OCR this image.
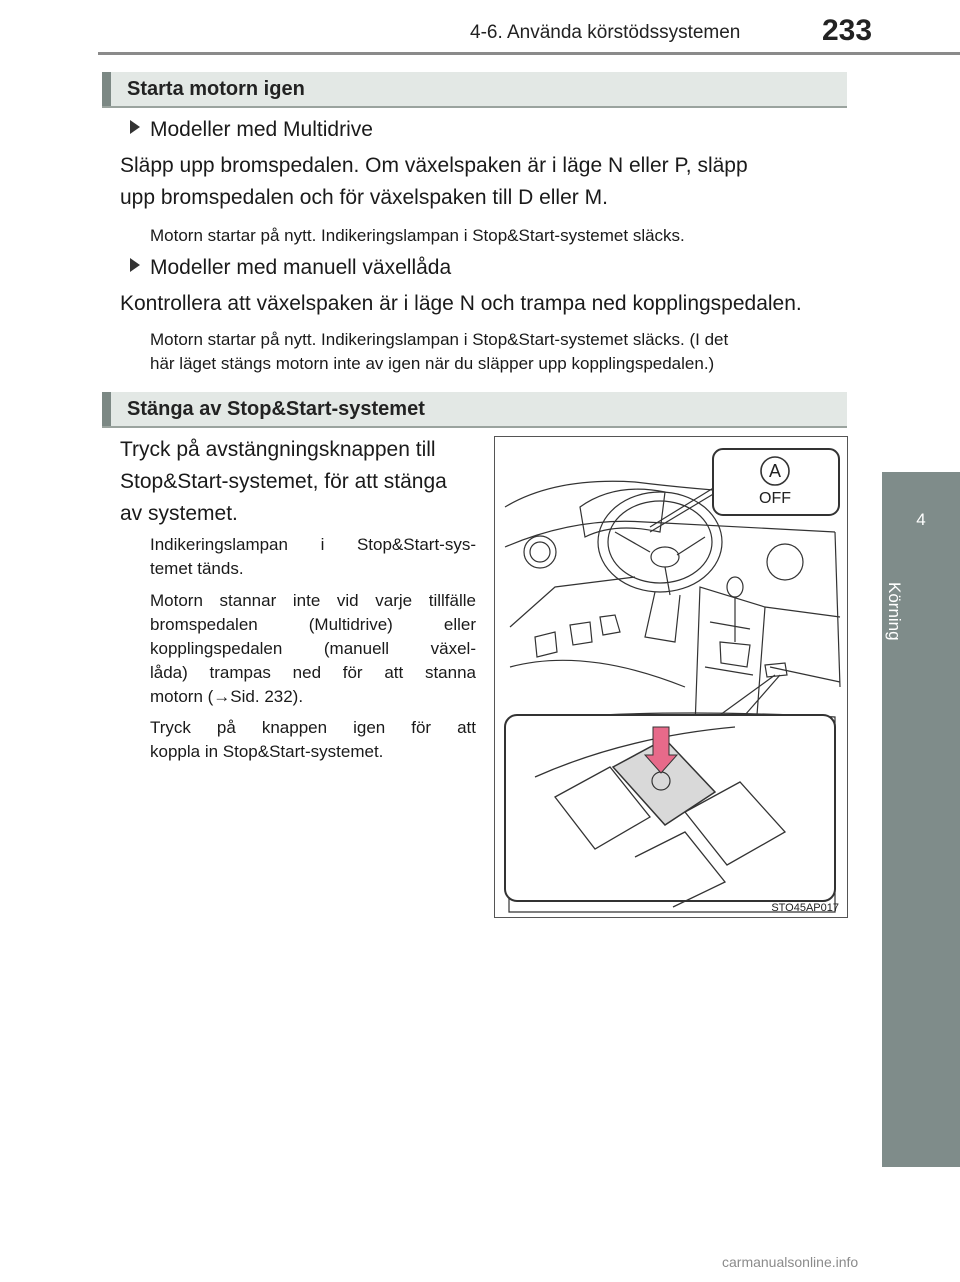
4-6. Använda körstödssystemen	233
4
Körning
Starta motorn igen
Modeller med Multidrive
Släpp upp bromspedalen. Om växelspaken är i läge N eller P, släpp
upp bromspedalen och för växelspaken till D eller M.
Motorn startar på nytt. Indikeringslampan i Stop&Start-systemet släcks.
Modeller med manuell växellåda
Kontrollera att växelspaken är i läge N och trampa ned kopplingspedalen.
Motorn startar på nytt. Indikeringslampan i Stop&Start-systemet släcks. (I det
här läget stängs motorn inte av igen när du släpper upp kopplingspedalen.)
Stänga av Stop&Start-systemet
Tryck på avstängningsknappen till
Stop&Start-systemet, för att stänga
av systemet.
Indikeringslampan i Stop&Start-sys-
temet tänds.
Motorn stannar inte vid varje tillfälle
bromspedalen (Multidrive) eller
kopplingspedalen (manuell växel-
låda) trampas ned för att stanna
motorn (→Sid. 232).
Tryck på knappen igen för att
koppla in Stop&Start-systemet.
A
OFF
STO45AP017
carmanualsonline.info
